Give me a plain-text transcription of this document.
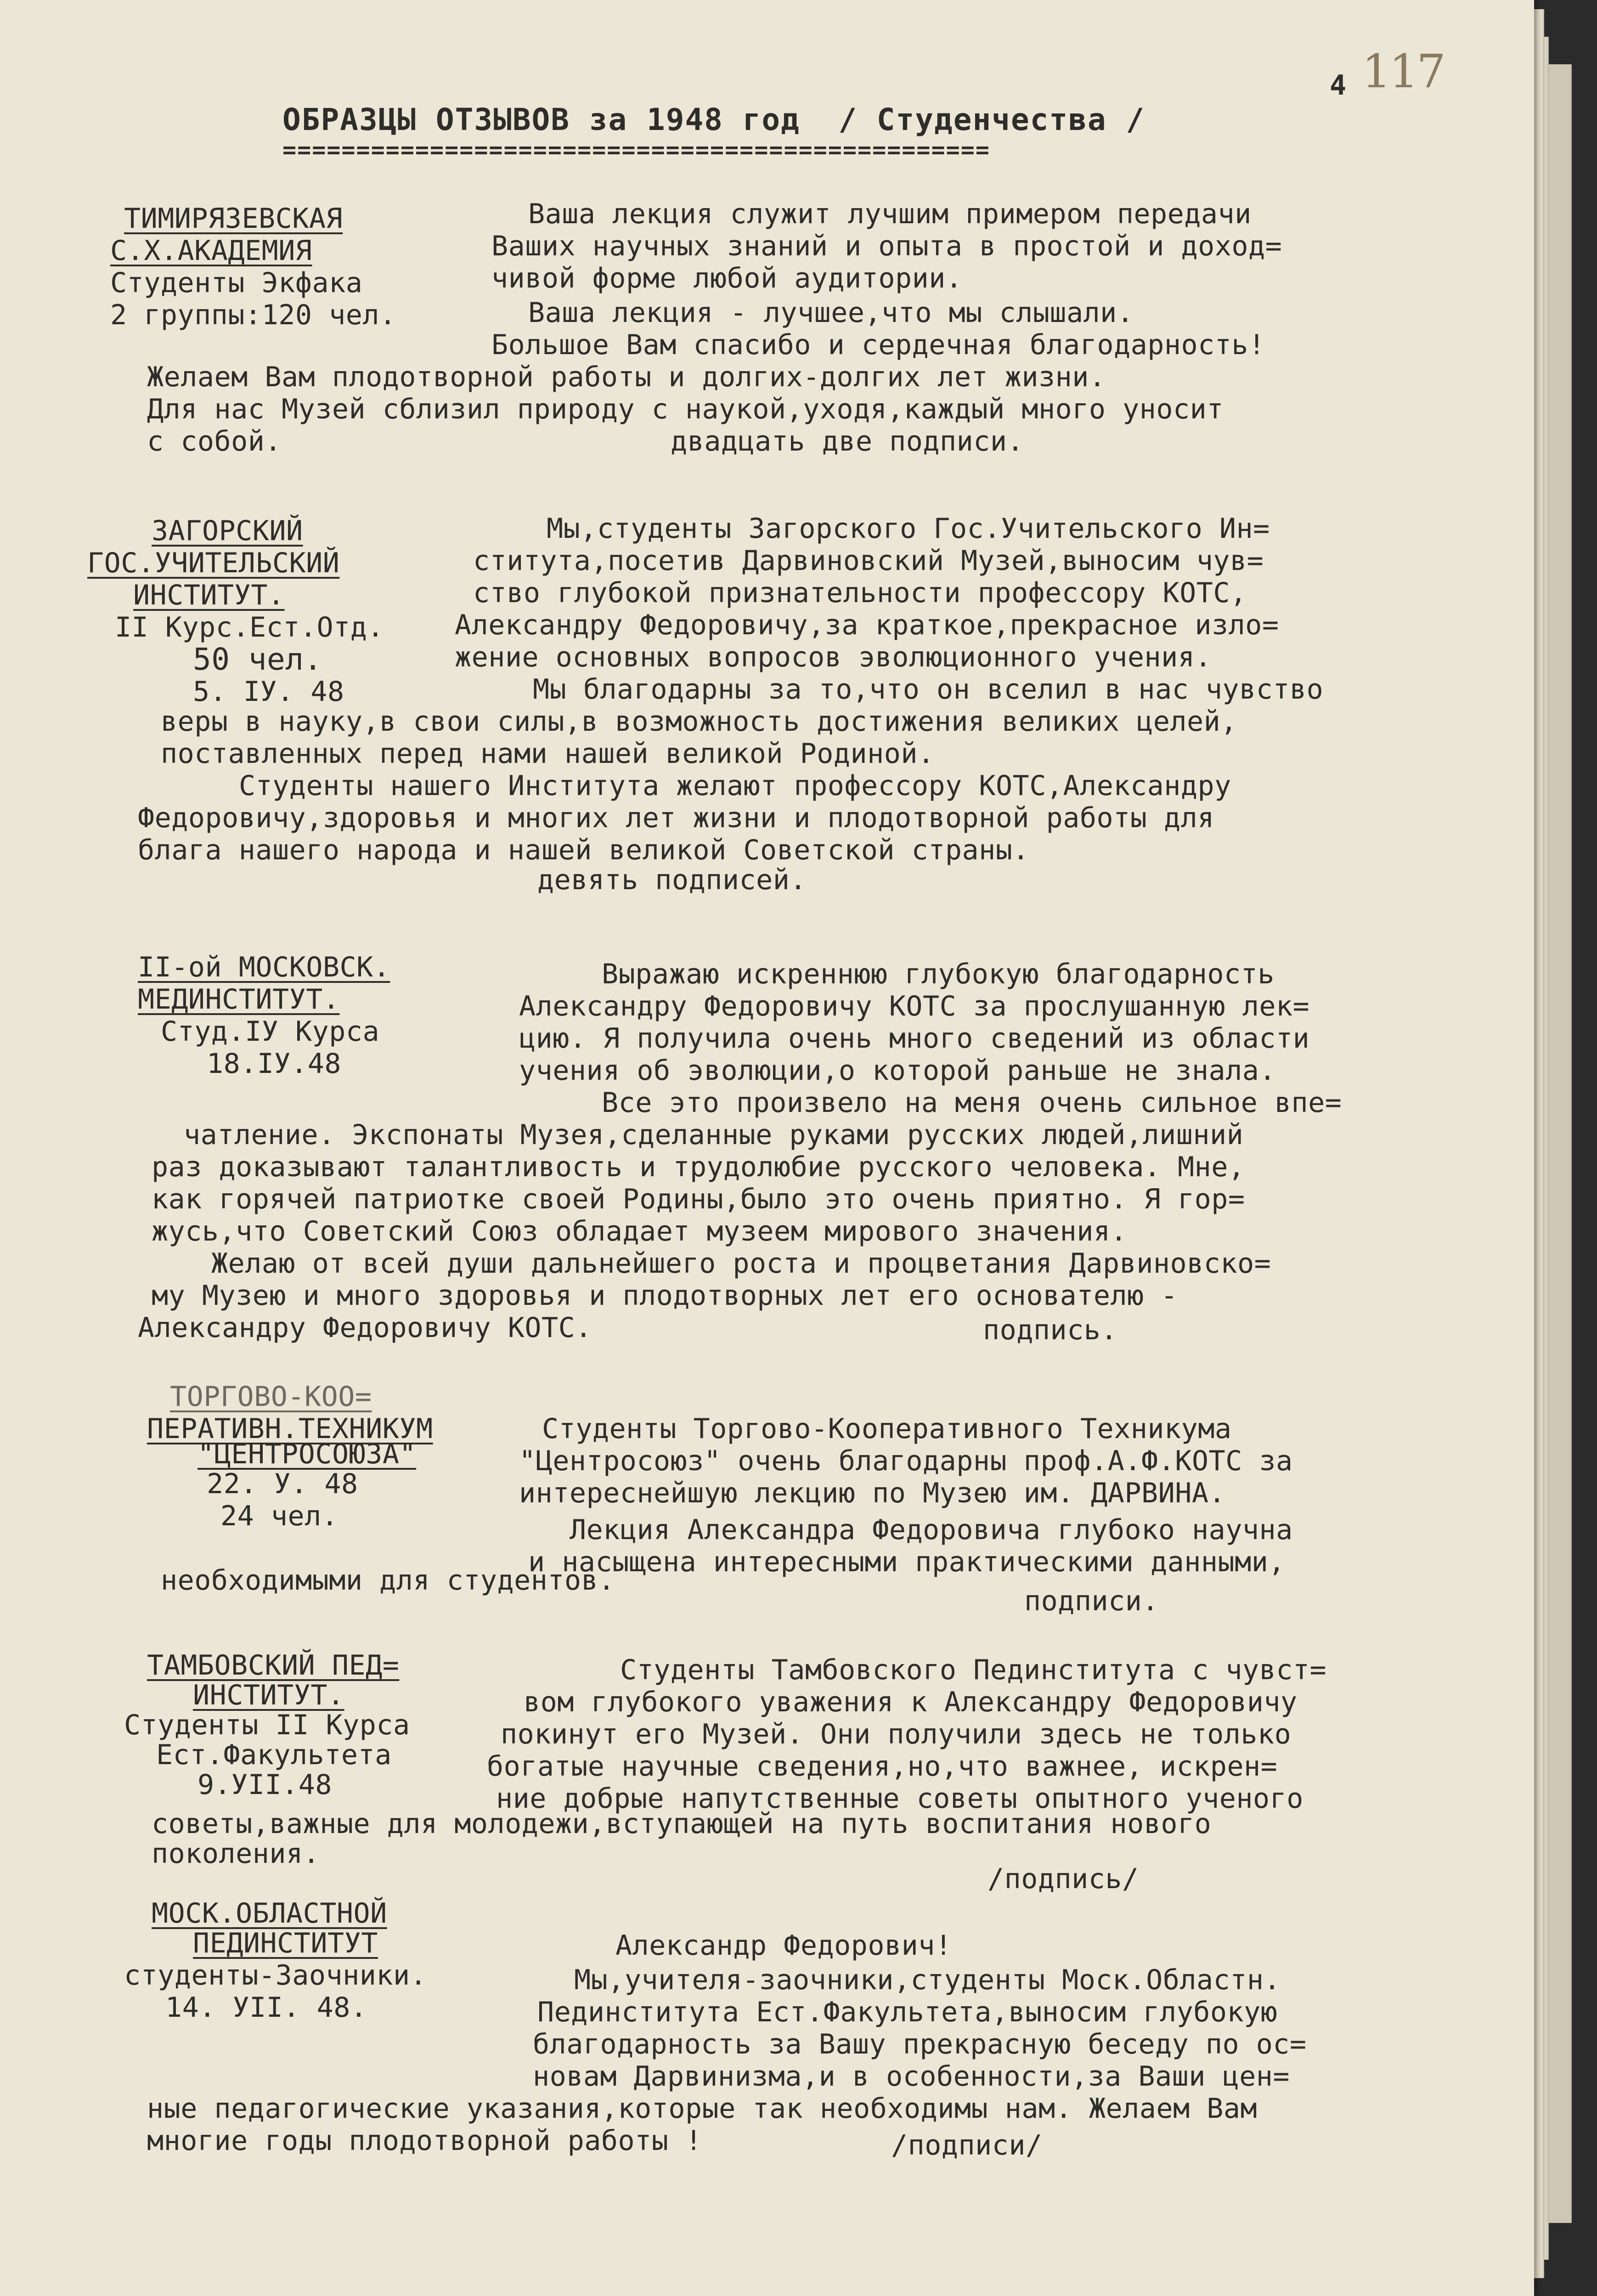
4 117
ОБРАЗЦЫ ОТЗЫВОВ за 1948 год  / Студенчества /
================================================
ТИМИРЯЗЕВСКАЯ
С.Х.АКАДЕМИЯ
Студенты Экфака
2 группы:120 чел.
Ваша лекция служит лучшим примером передачи
Ваших научных знаний и опыта в простой и доход=
чивой форме любой аудитории.
Ваша лекция - лучшее,что мы слышали.
Большое Вам спасибо и сердечная благодарность!
Желаем Вам плодотворной работы и долгих-долгих лет жизни.
Для нас Музей сблизил природу с наукой,уходя,каждый много уносит
с собой.	двадцать две подписи.
ЗАГОРСКИЙ
ГОС.УЧИТЕЛЬСКИЙ
ИНСТИТУТ.
II Курс.Ест.Отд.
50 чел.
5. IУ. 48
Мы,студенты Загорского Гос.Учительского Ин=
ститута,посетив Дарвиновский Музей,выносим чув=
ство глубокой признательности профессору КОТС,
Александру Федоровичу,за краткое,прекрасное изло=
жение основных вопросов эволюционного учения.
Мы благодарны за то,что он вселил в нас чувство
веры в науку,в свои силы,в возможность достижения великих целей,
поставленных перед нами нашей великой Родиной.
Студенты нашего Института желают профессору КОТС,Александру
Федоровичу,здоровья и многих лет жизни и плодотворной работы для
блага нашего народа и нашей великой Советской страны.
девять подписей.
II-ой МОСКОВСК.
МЕДИНСТИТУТ.
Студ.IУ Курса
18.IУ.48
Выражаю искреннюю глубокую благодарность
Александру Федоровичу КОТС за прослушанную лек=
цию. Я получила очень много сведений из области
учения об эволюции,о которой раньше не знала.
Все это произвело на меня очень сильное впе=
чатление. Экспонаты Музея,сделанные руками русских людей,лишний
раз доказывают талантливость и трудолюбие русского человека. Мне,
как горячей патриотке своей Родины,было это очень приятно. Я гор=
жусь,что Советский Союз обладает музеем мирового значения.
Желаю от всей души дальнейшего роста и процветания Дарвиновско=
му Музею и много здоровья и плодотворных лет его основателю -
Александру Федоровичу КОТС.	подпись.
ТОРГОВО-КОО=
ПЕРАТИВН.ТЕХНИКУМ
"ЦЕНТРОСОЮЗА"
22. У. 48
24 чел.
Студенты Торгово-Кооперативного Техникума
"Центросоюз" очень благодарны проф.А.Ф.КОТС за
интереснейшую лекцию по Музею им. ДАРВИНА.
Лекция Александра Федоровича глубоко научна
и насыщена интересными практическими данными,
необходимыми для студентов.
подписи.
ТАМБОВСКИЙ ПЕД=
ИНСТИТУТ.
Студенты II Курса
Ест.Факультета
9.УII.48
Студенты Тамбовского Пединститута с чувст=
вом глубокого уважения к Александру Федоровичу
покинут его Музей. Они получили здесь не только
богатые научные сведения,но,что важнее, искрен=
ние добрые напутственные советы опытного ученого
советы,важные для молодежи,вступающей на путь воспитания нового
поколения.
/подпись/
МОСК.ОБЛАСТНОЙ
ПЕДИНСТИТУТ
студенты-Заочники.
14. УII. 48.
Александр Федорович!
Мы,учителя-заочники,студенты Моск.Областн.
Пединститута Ест.Факультета,выносим глубокую
благодарность за Вашу прекрасную беседу по ос=
новам Дарвинизма,и в особенности,за Ваши цен=
ные педагогические указания,которые так необходимы нам. Желаем Вам
многие годы плодотворной работы !	/подписи/
